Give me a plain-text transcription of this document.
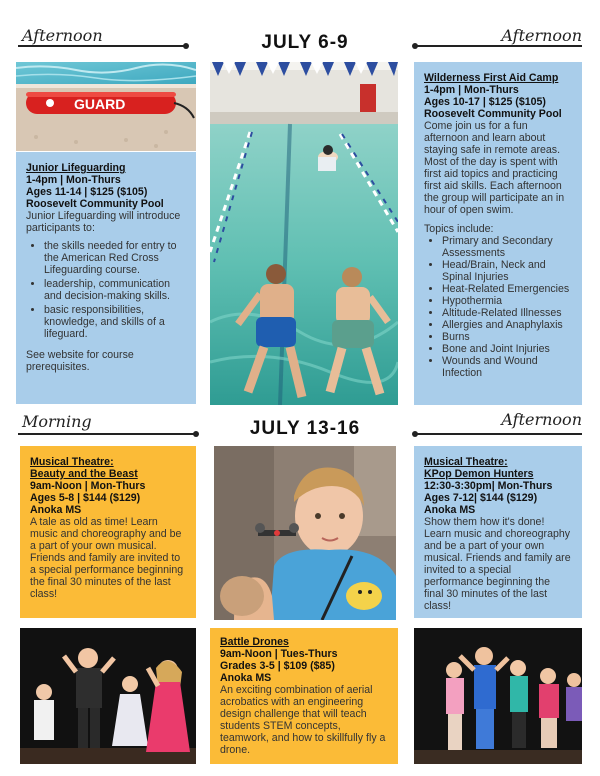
Afternoon	JULY 6-9	Afternoon
GUARD

Junior Lifeguarding

1-4pm | Mon-Thurs

Ages 11-14 | $125 ($105)

Roosevelt Community Pool

Junior Lifeguarding will introduce participants to:

• the skills needed for entry to the American Red Cross Lifeguarding course.
• leadership, communication and decision-making skills.
• basic responsibilities, knowledge, and skills of a lifeguard.

See website for course prerequisites.

Wilderness First Aid Camp

1-4pm | Mon-Thurs

Ages 10-17 | $125 ($105)

Roosevelt Community Pool

Come join us for a fun afternoon and learn about staying safe in remote areas. Most of the day is spent with first aid topics and practicing first aid skills. Each afternoon the group will participate an in hour of open swim.

Topics include:

• Primary and Secondary Assessments
• Head/Brain, Neck and Spinal Injuries
• Heat-Related Emergencies
• Hypothermia
• Altitude-Related Illnesses
• Allergies and Anaphylaxis
• Burns
• Bone and Joint Injuries
• Wounds and Wound Infection
Morning	JULY 13-16	Afternoon

Musical Theatre:

Beauty and the Beast

9am-Noon | Mon-Thurs

Ages 5-8 | $144 ($129)

Anoka MS

A tale as old as time! Learn music and choreography and be a part of your own musical. Friends and family are invited to a special performance beginning the final 30 minutes of the last class!

Musical Theatre:

KPop Demon Hunters

12:30-3:30pm| Mon-Thurs

Ages 7-12| $144 ($129)

Anoka MS

Show them how it's done! Learn music and choreography and be a part of your own musical. Friends and family are invited to a special performance beginning the final 30 minutes of the last class!

Battle Drones

9am-Noon | Tues-Thurs

Grades 3-5 | $109 ($85)

Anoka MS

An exciting combination of aerial acrobatics with an engineering design challenge that will teach students STEM concepts, teamwork, and how to skillfully fly a drone.
